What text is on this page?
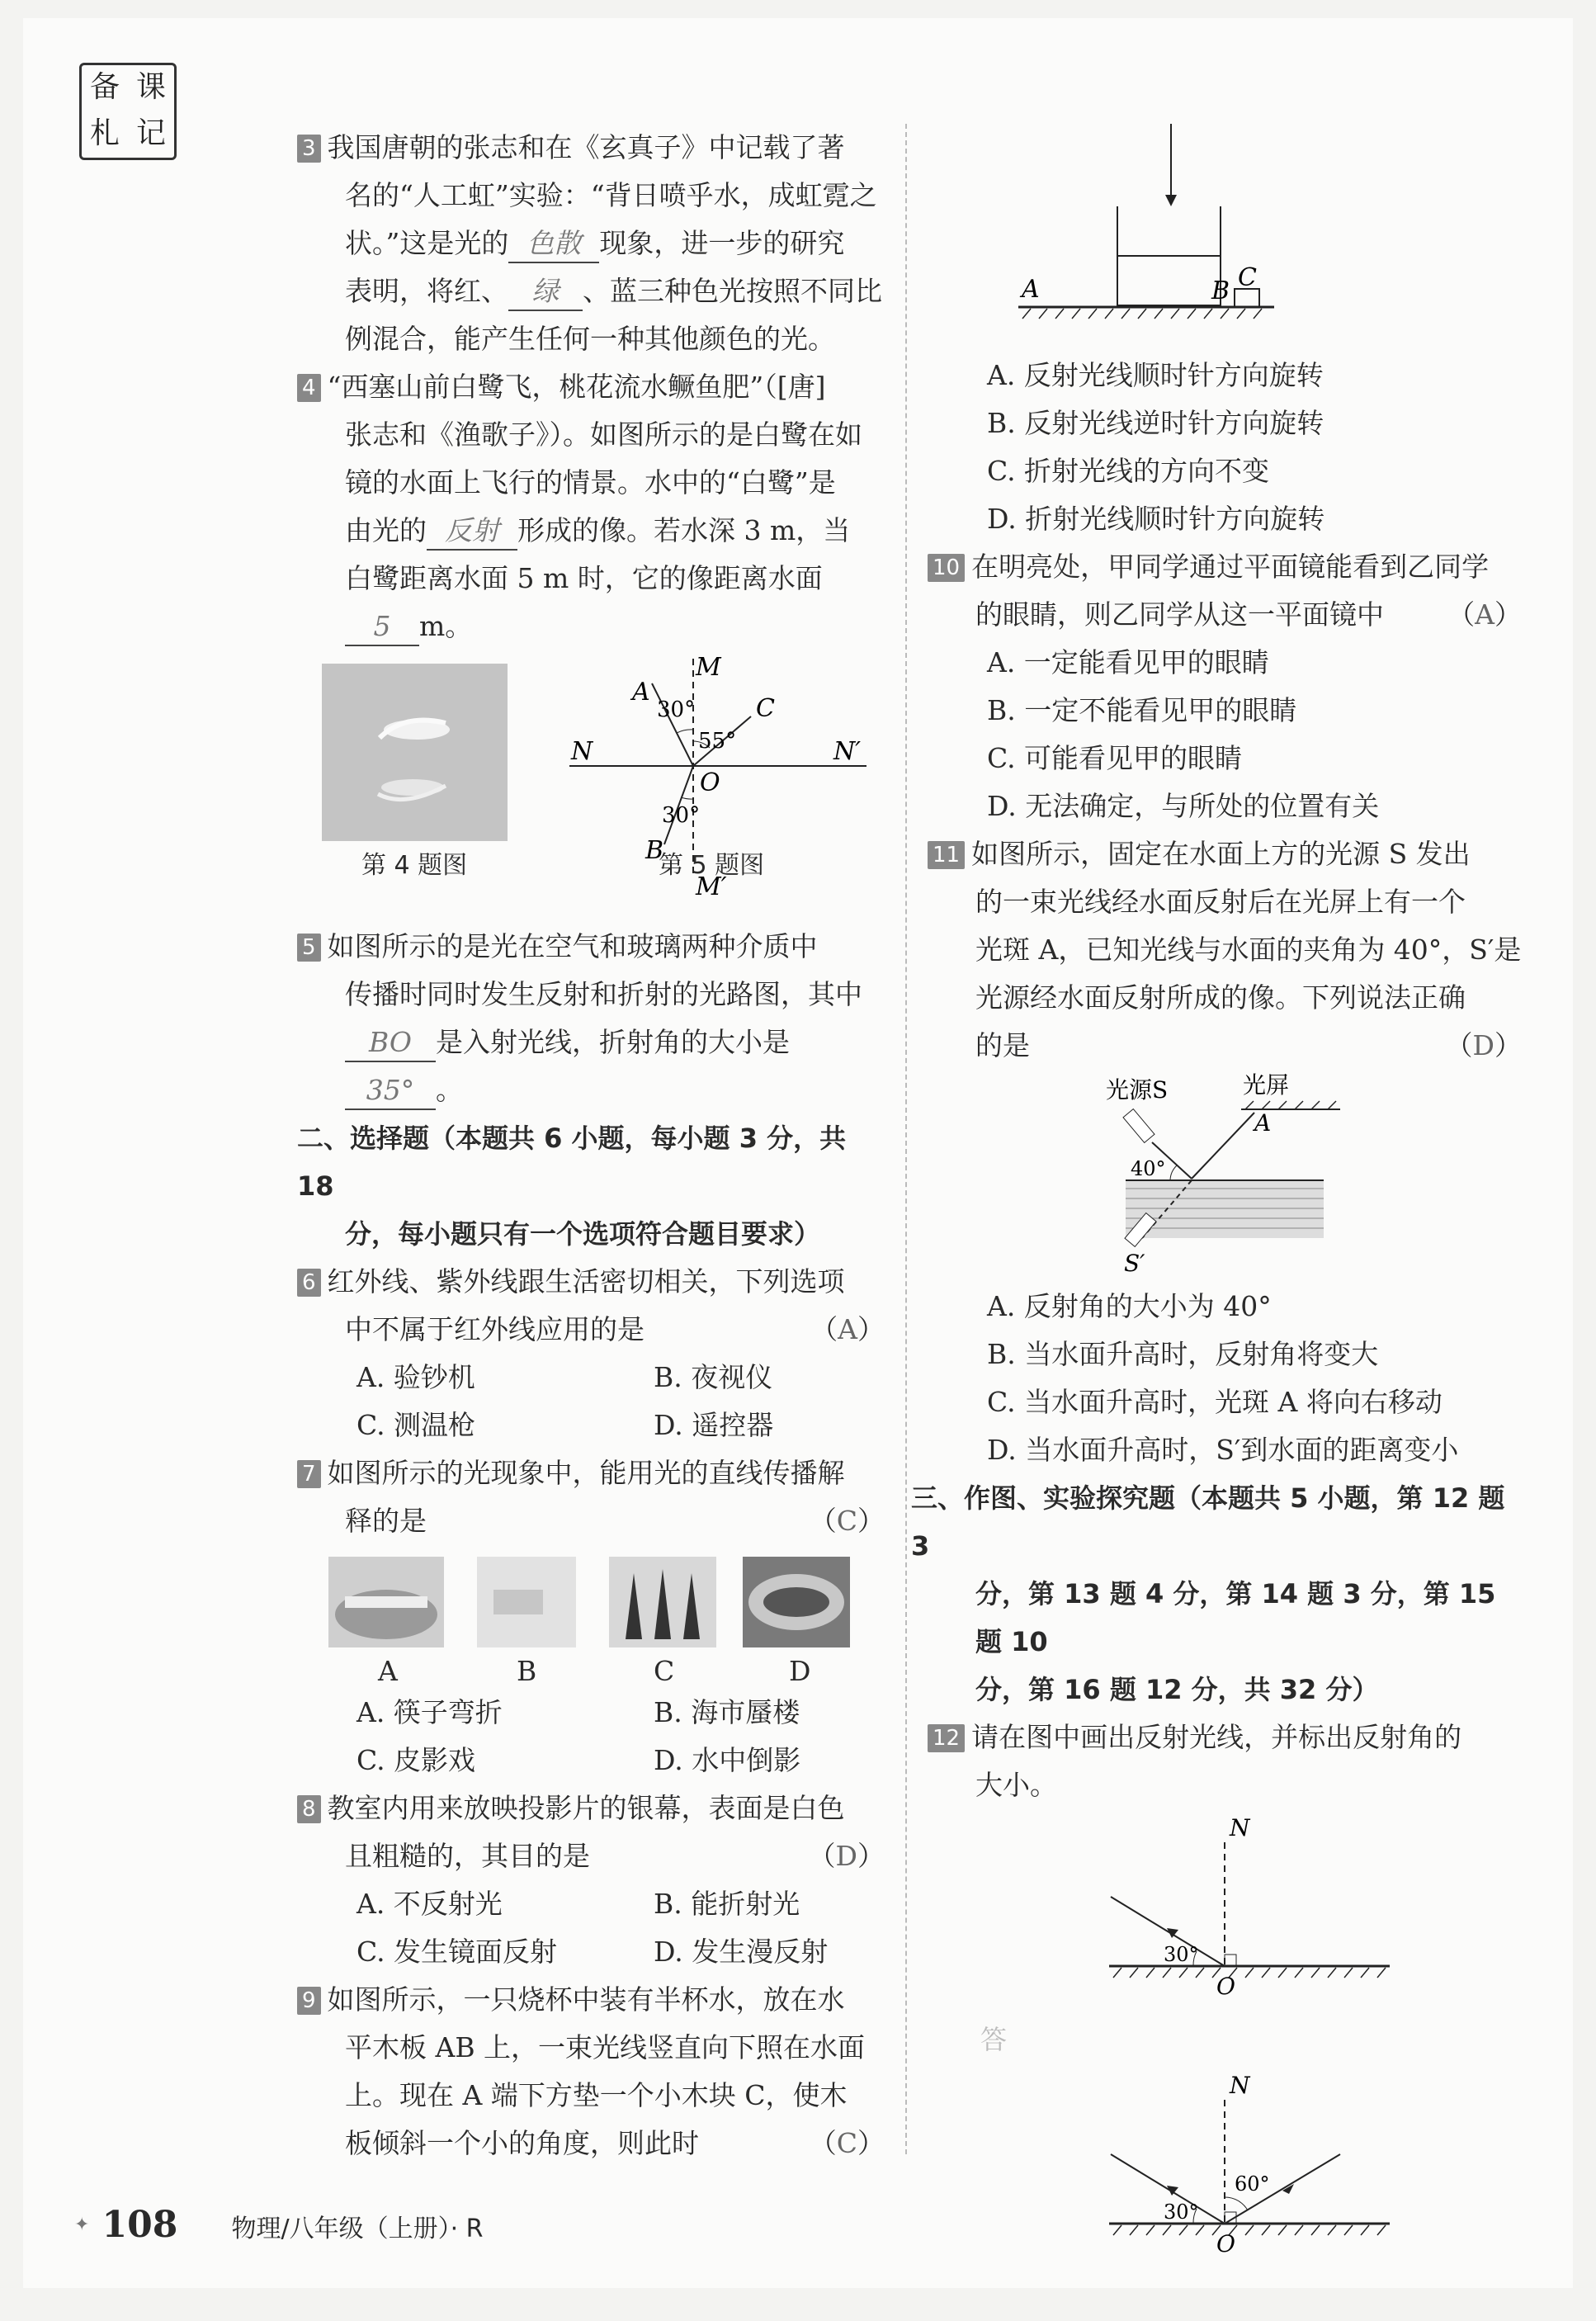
备 课
札 记	3 我国唐朝的张志和在《玄真子》中记载了著
名的“人工虹”实验：“背日喷乎水，成虹霓之
状。”这是光的 色散 现象，进一步的研究
表明，将红、 绿 、蓝三种色光按照不同比
例混合，能产生任何一种其他颜色的光。
4 “西塞山前白鹭飞，桃花流水鳜鱼肥”（[唐]
张志和《渔歌子》）。如图所示的是白鹭在如
镜的水面上飞行的情景。水中的“白鹭”是
由光的 反射 形成的像。若水深 3 m，当
白鹭距离水面 5 m 时，它的像距离水面
5 m。
第 4 题图
M
M′
N	N′
O
A
B
C
30°
55°
30°
第 5 题图
5 如图所示的是光在空气和玻璃两种介质中
传播时同时发生反射和折射的光路图，其中
BO 是入射光线，折射角的大小是
35° 。
二、选择题（本题共 6 小题，每小题 3 分，共 18
分，每小题只有一个选项符合题目要求）
6 红外线、紫外线跟生活密切相关，下列选项
中不属于红外线应用的是	（A）
A. 验钞机	B. 夜视仪
C. 测温枪	D. 遥控器
7 如图所示的光现象中，能用光的直线传播解
释的是	（C）
A	B	C	D
A. 筷子弯折	B. 海市蜃楼
C. 皮影戏	D. 水中倒影
8 教室内用来放映投影片的银幕，表面是白色
且粗糙的，其目的是	（D）
A. 不反射光	B. 能折射光
C. 发生镜面反射	D. 发生漫反射
9 如图所示，一只烧杯中装有半杯水，放在水
平木板 AB 上，一束光线竖直向下照在水面
上。现在 A 端下方垫一个小木块 C，使木
板倾斜一个小的角度，则此时	（C）
A	B C
A. 反射光线顺时针方向旋转
B. 反射光线逆时针方向旋转
C. 折射光线的方向不变
D. 折射光线顺时针方向旋转
10 在明亮处，甲同学通过平面镜能看到乙同学
的眼睛，则乙同学从这一平面镜中 （A）
A. 一定能看见甲的眼睛
B. 一定不能看见甲的眼睛
C. 可能看见甲的眼睛
D. 无法确定，与所处的位置有关
11 如图所示，固定在水面上方的光源 S 发出
的一束光线经水面反射后在光屏上有一个
光斑 A，已知光线与水面的夹角为 40°，S′是
光源经水面反射所成的像。下列说法正确
的是	（D）
光源S	光屏
A
40°
S′
A. 反射角的大小为 40°
B. 当水面升高时，反射角将变大
C. 当水面升高时，光斑 A 将向右移动
D. 当水面升高时，S′到水面的距离变小
三、作图、实验探究题（本题共 5 小题，第 12 题 3
分，第 13 题 4 分，第 14 题 3 分，第 15 题 10
分，第 16 题 12 分，共 32 分）
12 请在图中画出反射光线，并标出反射角的
大小。
N
O
30°
答
N
O
30°
60°
✦ 108 物理/八年级（上册）· R
